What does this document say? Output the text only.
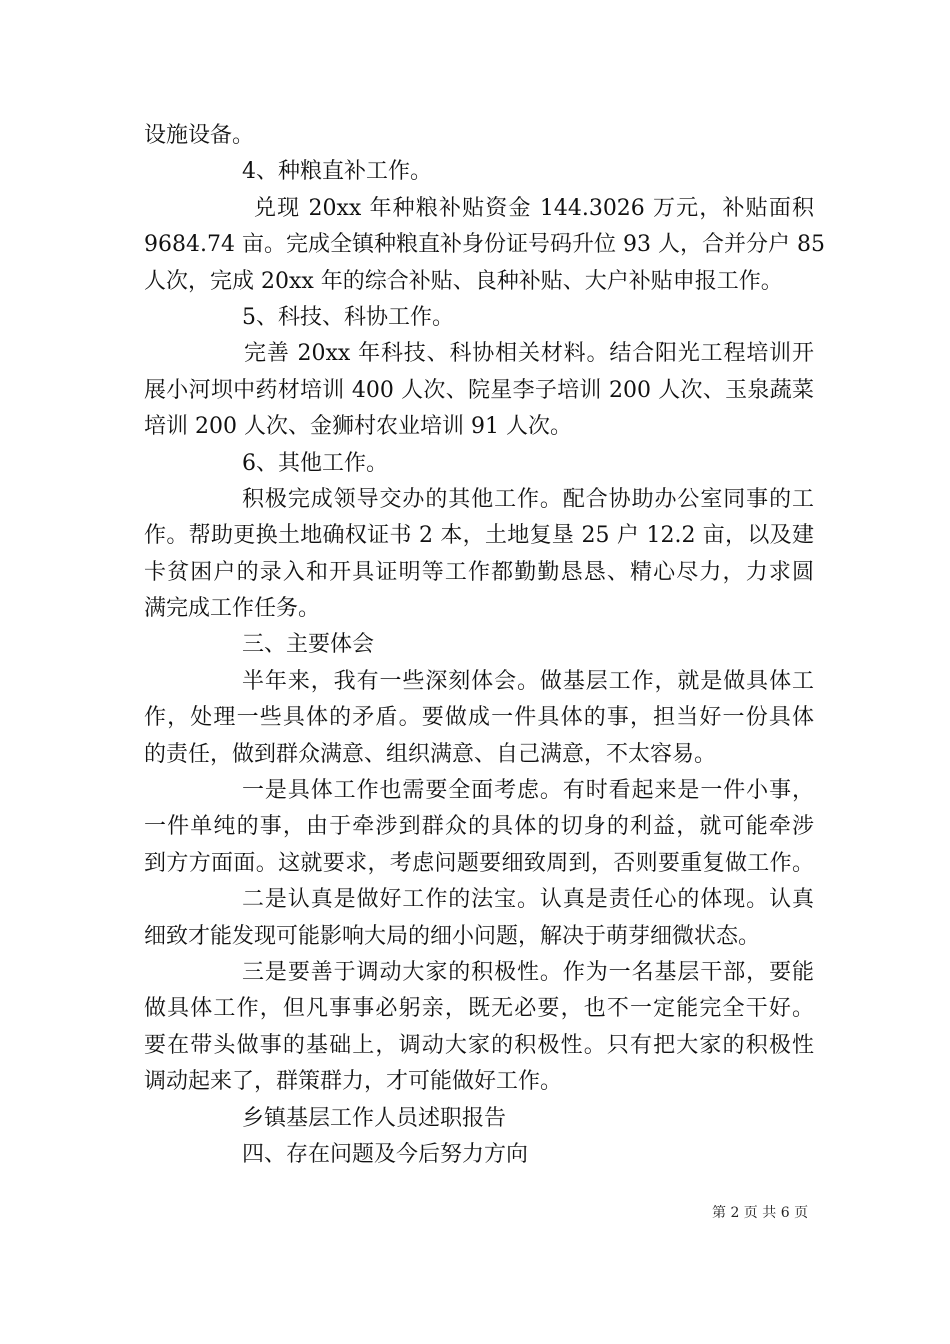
设施设备。
4、种粮直补工作。
兑现 20xx 年种粮补贴资金 144.3026 万元，补贴面积
9684.74 亩。完成全镇种粮直补身份证号码升位 93 人，合并分户 85
人次，完成 20xx 年的综合补贴、良种补贴、大户补贴申报工作。
5、科技、科协工作。
完善 20xx 年科技、科协相关材料。结合阳光工程培训开
展小河坝中药材培训 400 人次、院星李子培训 200 人次、玉泉蔬菜
培训 200 人次、金狮村农业培训 91 人次。
6、其他工作。
积极完成领导交办的其他工作。配合协助办公室同事的工
作。帮助更换土地确权证书 2 本，土地复垦 25 户 12.2 亩，以及建
卡贫困户的录入和开具证明等工作都勤勤恳恳、精心尽力，力求圆
满完成工作任务。
三、主要体会
半年来，我有一些深刻体会。做基层工作，就是做具体工
作，处理一些具体的矛盾。要做成一件具体的事，担当好一份具体
的责任，做到群众满意、组织满意、自己满意，不太容易。
一是具体工作也需要全面考虑。有时看起来是一件小事，
一件单纯的事，由于牵涉到群众的具体的切身的利益，就可能牵涉
到方方面面。这就要求，考虑问题要细致周到，否则要重复做工作。
二是认真是做好工作的法宝。认真是责任心的体现。认真
细致才能发现可能影响大局的细小问题，解决于萌芽细微状态。
三是要善于调动大家的积极性。作为一名基层干部，要能
做具体工作，但凡事事必躬亲，既无必要，也不一定能完全干好。
要在带头做事的基础上，调动大家的积极性。只有把大家的积极性
调动起来了，群策群力，才可能做好工作。
乡镇基层工作人员述职报告
四、存在问题及今后努力方向
第 2 页 共 6 页
